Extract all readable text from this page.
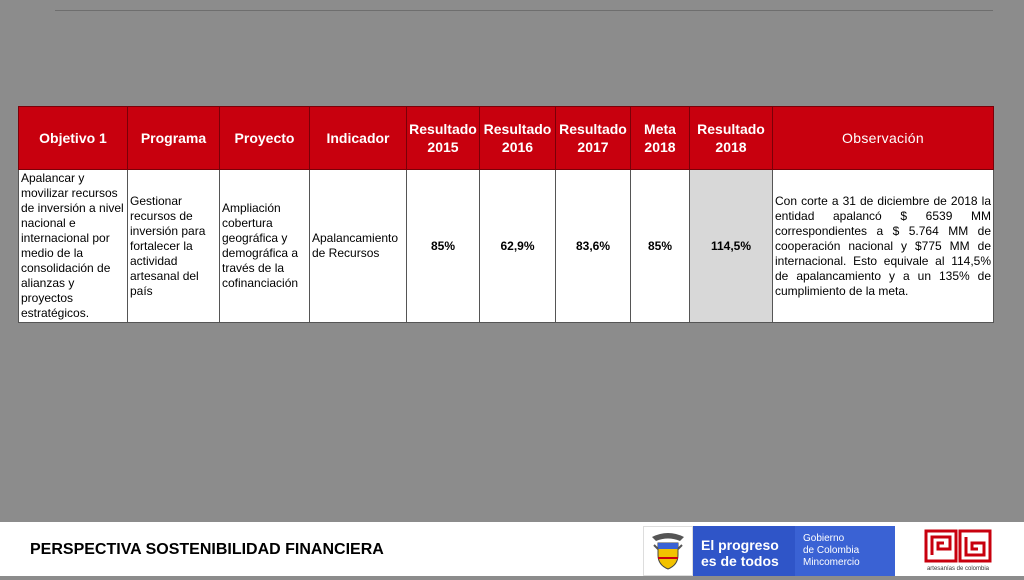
Objetivo 1	Programa	Proyecto	Indicador	Resultado 2015	Resultado 2016	Resultado 2017	Meta 2018	Resultado 2018	Observación
Apalancar y movilizar recursos de inversión a nivel nacional e internacional por medio de la consolidación de alianzas y proyectos estratégicos.	Gestionar recursos de inversión para fortalecer la actividad artesanal del país	Ampliación cobertura geográfica y demográfica a través de la cofinanciación	Apalancamiento de Recursos	85%	62,9%	83,6%	85%	114,5%	Con corte a 31 de diciembre de 2018 la entidad apalancó $ 6539 MM correspondientes a $ 5.764 MM de cooperación nacional y $775 MM de internacional. Esto equivale al 114,5% de apalancamiento y a un 135% de cumplimiento de la meta.
PERSPECTIVA SOSTENIBILIDAD FINANCIERA	El progreso
es de todos
Gobierno
de Colombia
Mincomercio
artesanías de colombia
